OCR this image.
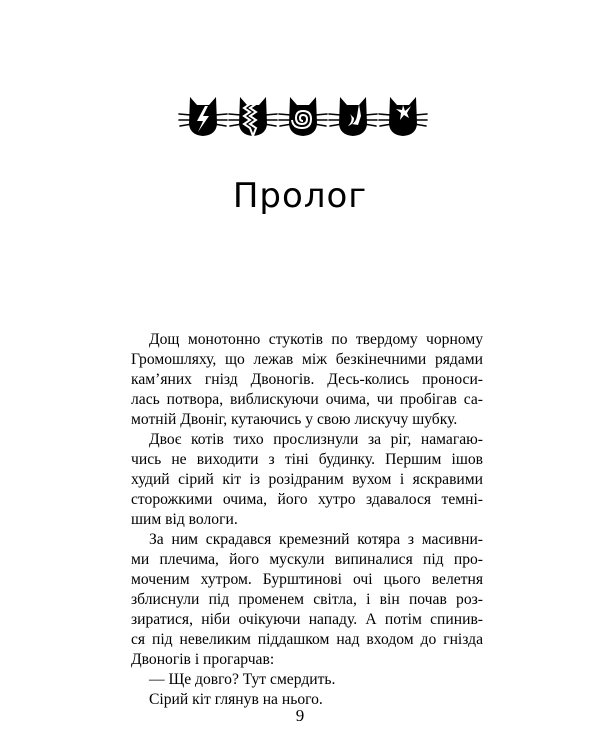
Пролог
Дощ монотонно стукотів по твердому чорному
Громошляху, що лежав між безкінечними рядами
кам’яних гнізд Двоногів. Десь-колись проноси-
лась потвора, виблискуючи очима, чи пробігав са-
мотній Двоніг, кутаючись у свою лискучу шубку.
Двоє котів тихо прослизнули за ріг, намагаю-
чись не виходити з тіні будинку. Першим ішов
худий сірий кіт із розідраним вухом і яскравими
сторожкими очима, його хутро здавалося темні-
шим від вологи.
За ним скрадався кремезний котяра з масивни-
ми плечима, його мускули випиналися під про-
моченим хутром. Бурштинові очі цього велетня
зблиснули під променем світла, і він почав роз-
зиратися, ніби очікуючи нападу. А потім спинив-
ся під невеликим піддашком над входом до гнізда
Двоногів і прогарчав:
— Ще довго? Тут смердить.
Сірий кіт глянув на нього.
9
